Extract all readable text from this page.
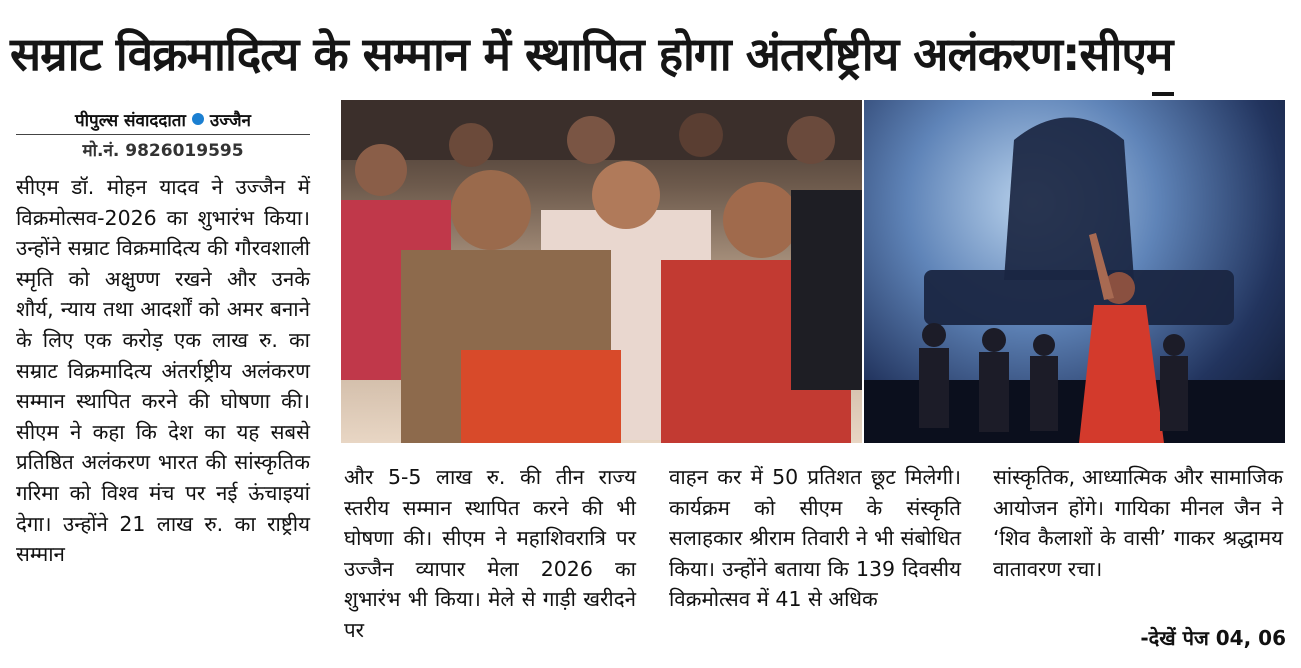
सम्राट विक्रमादित्य के सम्मान में स्थापित होगा अंतर्राष्ट्रीय अलंकरण:सीएम
पीपुल्स संवाददाता उज्जैन
मो.नं. 9826019595

सीएम डॉ. मोहन यादव ने उज्जैन में विक्रमोत्सव-2026 का शुभारंभ किया। उन्होंने सम्राट विक्रमादित्य की गौरवशाली स्मृति को अक्षुण्ण रखने और उनके शौर्य, न्याय तथा आदर्शों को अमर बनाने के लिए एक करोड़ एक लाख रु. का सम्राट विक्रमादित्य अंतर्राष्ट्रीय अलंकरण सम्मान स्थापित करने की घोषणा की। सीएम ने कहा कि देश का यह सबसे प्रतिष्ठित अलंकरण भारत की सांस्कृतिक गरिमा को विश्व मंच पर नई ऊंचाइयां देगा। उन्होंने 21 लाख रु. का राष्ट्रीय सम्मान

और 5-5 लाख रु. की तीन राज्य स्तरीय सम्मान स्थापित करने की भी घोषणा की। सीएम ने महाशिवरात्रि पर उज्जैन व्यापार मेला 2026 का शुभारंभ भी किया। मेले से गाड़ी खरीदने पर

वाहन कर में 50 प्रतिशत छूट मिलेगी। कार्यक्रम को सीएम के संस्कृति सलाहकार श्रीराम तिवारी ने भी संबोधित किया। उन्होंने बताया कि 139 दिवसीय विक्रमोत्सव में 41 से अधिक

सांस्कृतिक, आध्यात्मिक और सामाजिक आयोजन होंगे। गायिका मीनल जैन ने ‘शिव कैलाशों के वासी’ गाकर श्रद्धामय वातावरण रचा।

-देखें पेज 04, 06
